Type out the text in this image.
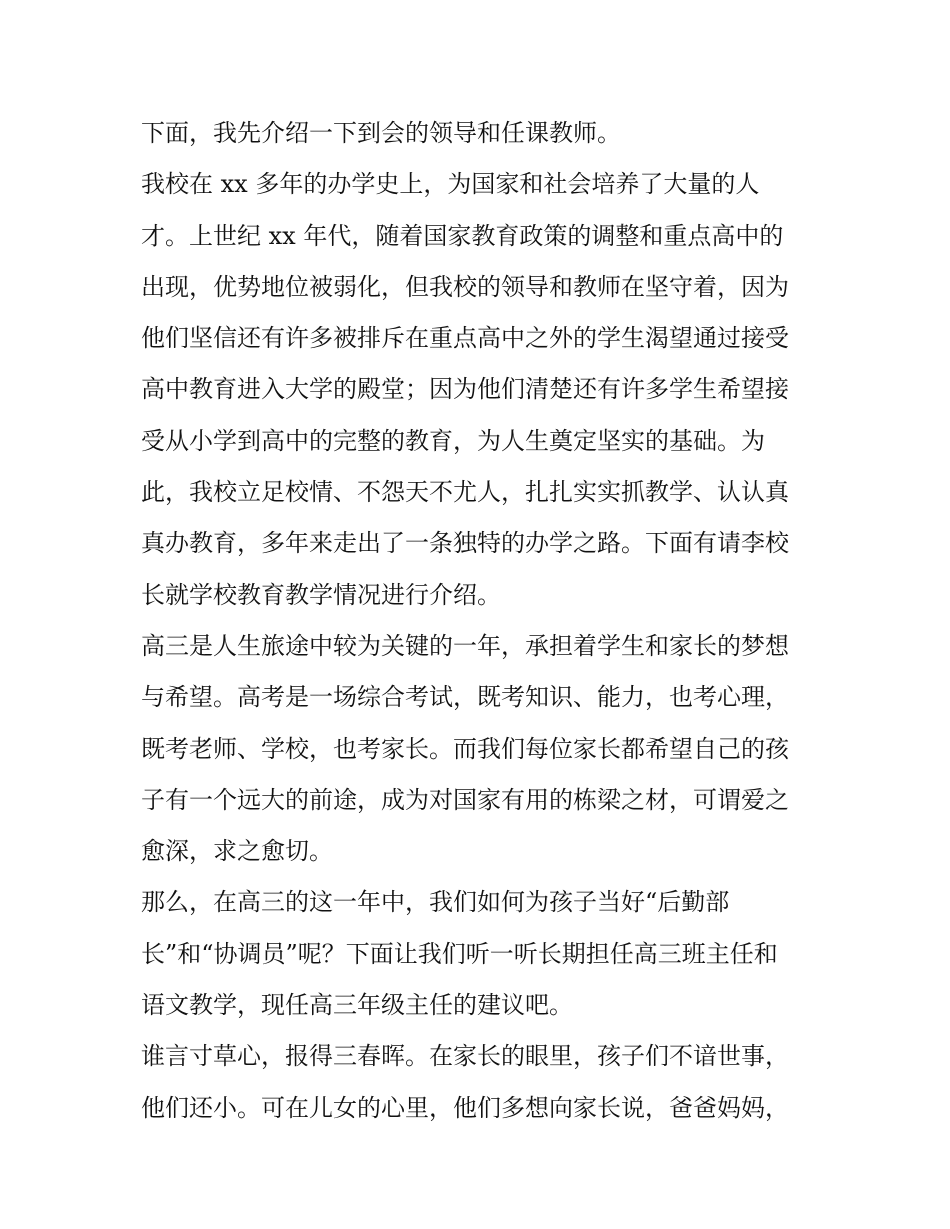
下面，我先介绍一下到会的领导和任课教师。
我校在 xx 多年的办学史上，为国家和社会培养了大量的人
才。上世纪 xx 年代，随着国家教育政策的调整和重点高中的
出现，优势地位被弱化，但我校的领导和教师在坚守着，因为
他们坚信还有许多被排斥在重点高中之外的学生渴望通过接受
高中教育进入大学的殿堂；因为他们清楚还有许多学生希望接
受从小学到高中的完整的教育，为人生奠定坚实的基础。为
此，我校立足校情、不怨天不尤人，扎扎实实抓教学、认认真
真办教育，多年来走出了一条独特的办学之路。下面有请李校
长就学校教育教学情况进行介绍。
高三是人生旅途中较为关键的一年，承担着学生和家长的梦想
与希望。高考是一场综合考试，既考知识、能力，也考心理，
既考老师、学校，也考家长。而我们每位家长都希望自己的孩
子有一个远大的前途，成为对国家有用的栋梁之材，可谓爱之
愈深，求之愈切。
那么，在高三的这一年中，我们如何为孩子当好“后勤部
长”和“协调员”呢？下面让我们听一听长期担任高三班主任和
语文教学，现任高三年级主任的建议吧。
谁言寸草心，报得三春晖。在家长的眼里，孩子们不谙世事，
他们还小。可在儿女的心里，他们多想向家长说，爸爸妈妈，
